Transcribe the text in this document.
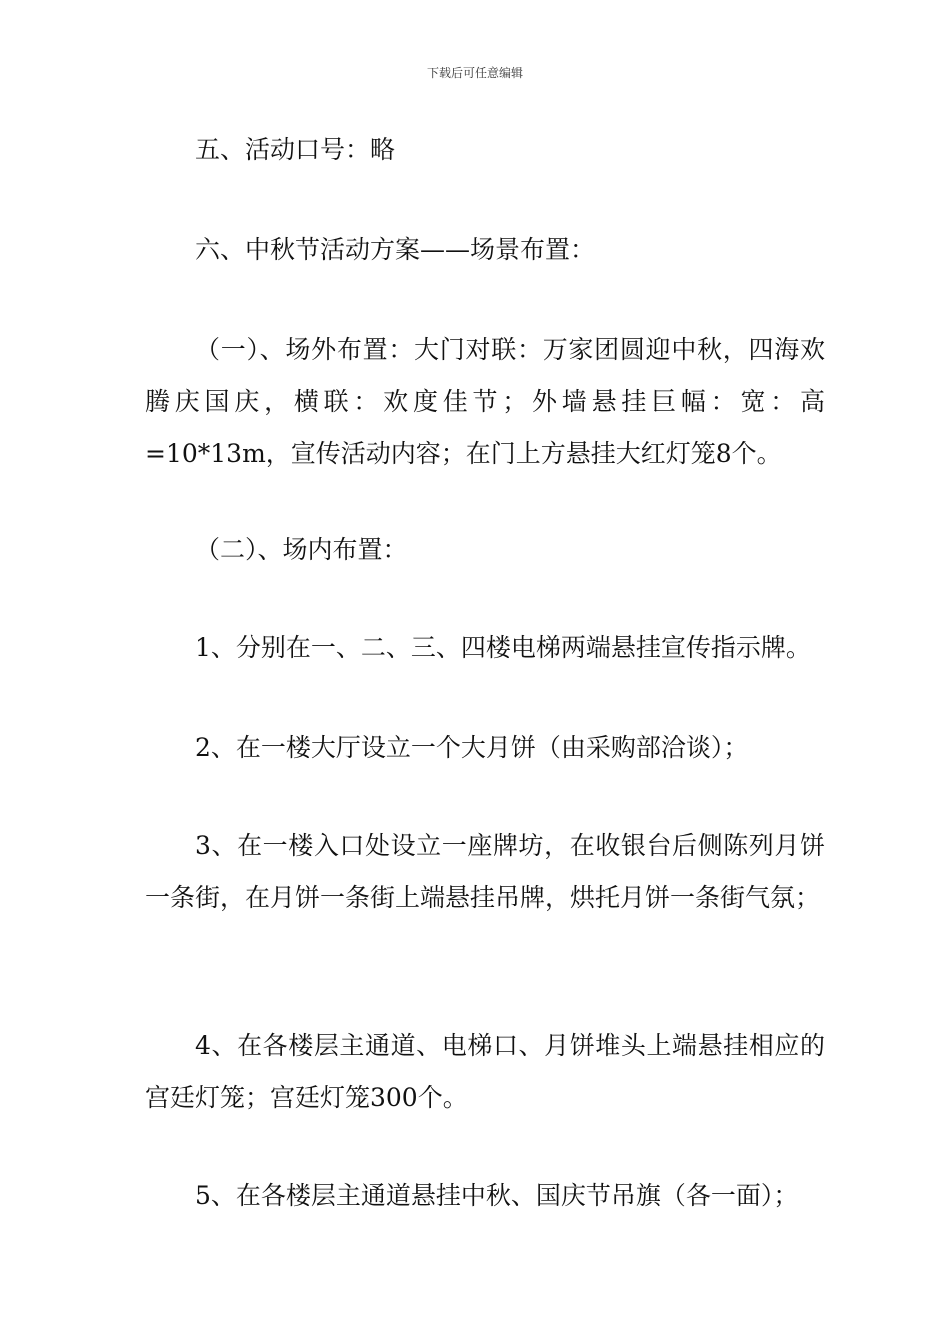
下载后可任意编辑

五、活动口号：略

六、中秋节活动方案——场景布置：

（一）、场外布置：大门对联：万家团圆迎中秋，四海欢腾庆国庆，横联：欢度佳节；外墙悬挂巨幅：宽：高=10*13m，宣传活动内容；在门上方悬挂大红灯笼8个。

（二）、场内布置：

1、分别在一、二、三、四楼电梯两端悬挂宣传指示牌。

2、在一楼大厅设立一个大月饼（由采购部洽谈）；

3、在一楼入口处设立一座牌坊，在收银台后侧陈列月饼一条街，在月饼一条街上端悬挂吊牌，烘托月饼一条街气氛；

4、在各楼层主通道、电梯口、月饼堆头上端悬挂相应的宫廷灯笼；宫廷灯笼300个。

5、在各楼层主通道悬挂中秋、国庆节吊旗（各一面）；
